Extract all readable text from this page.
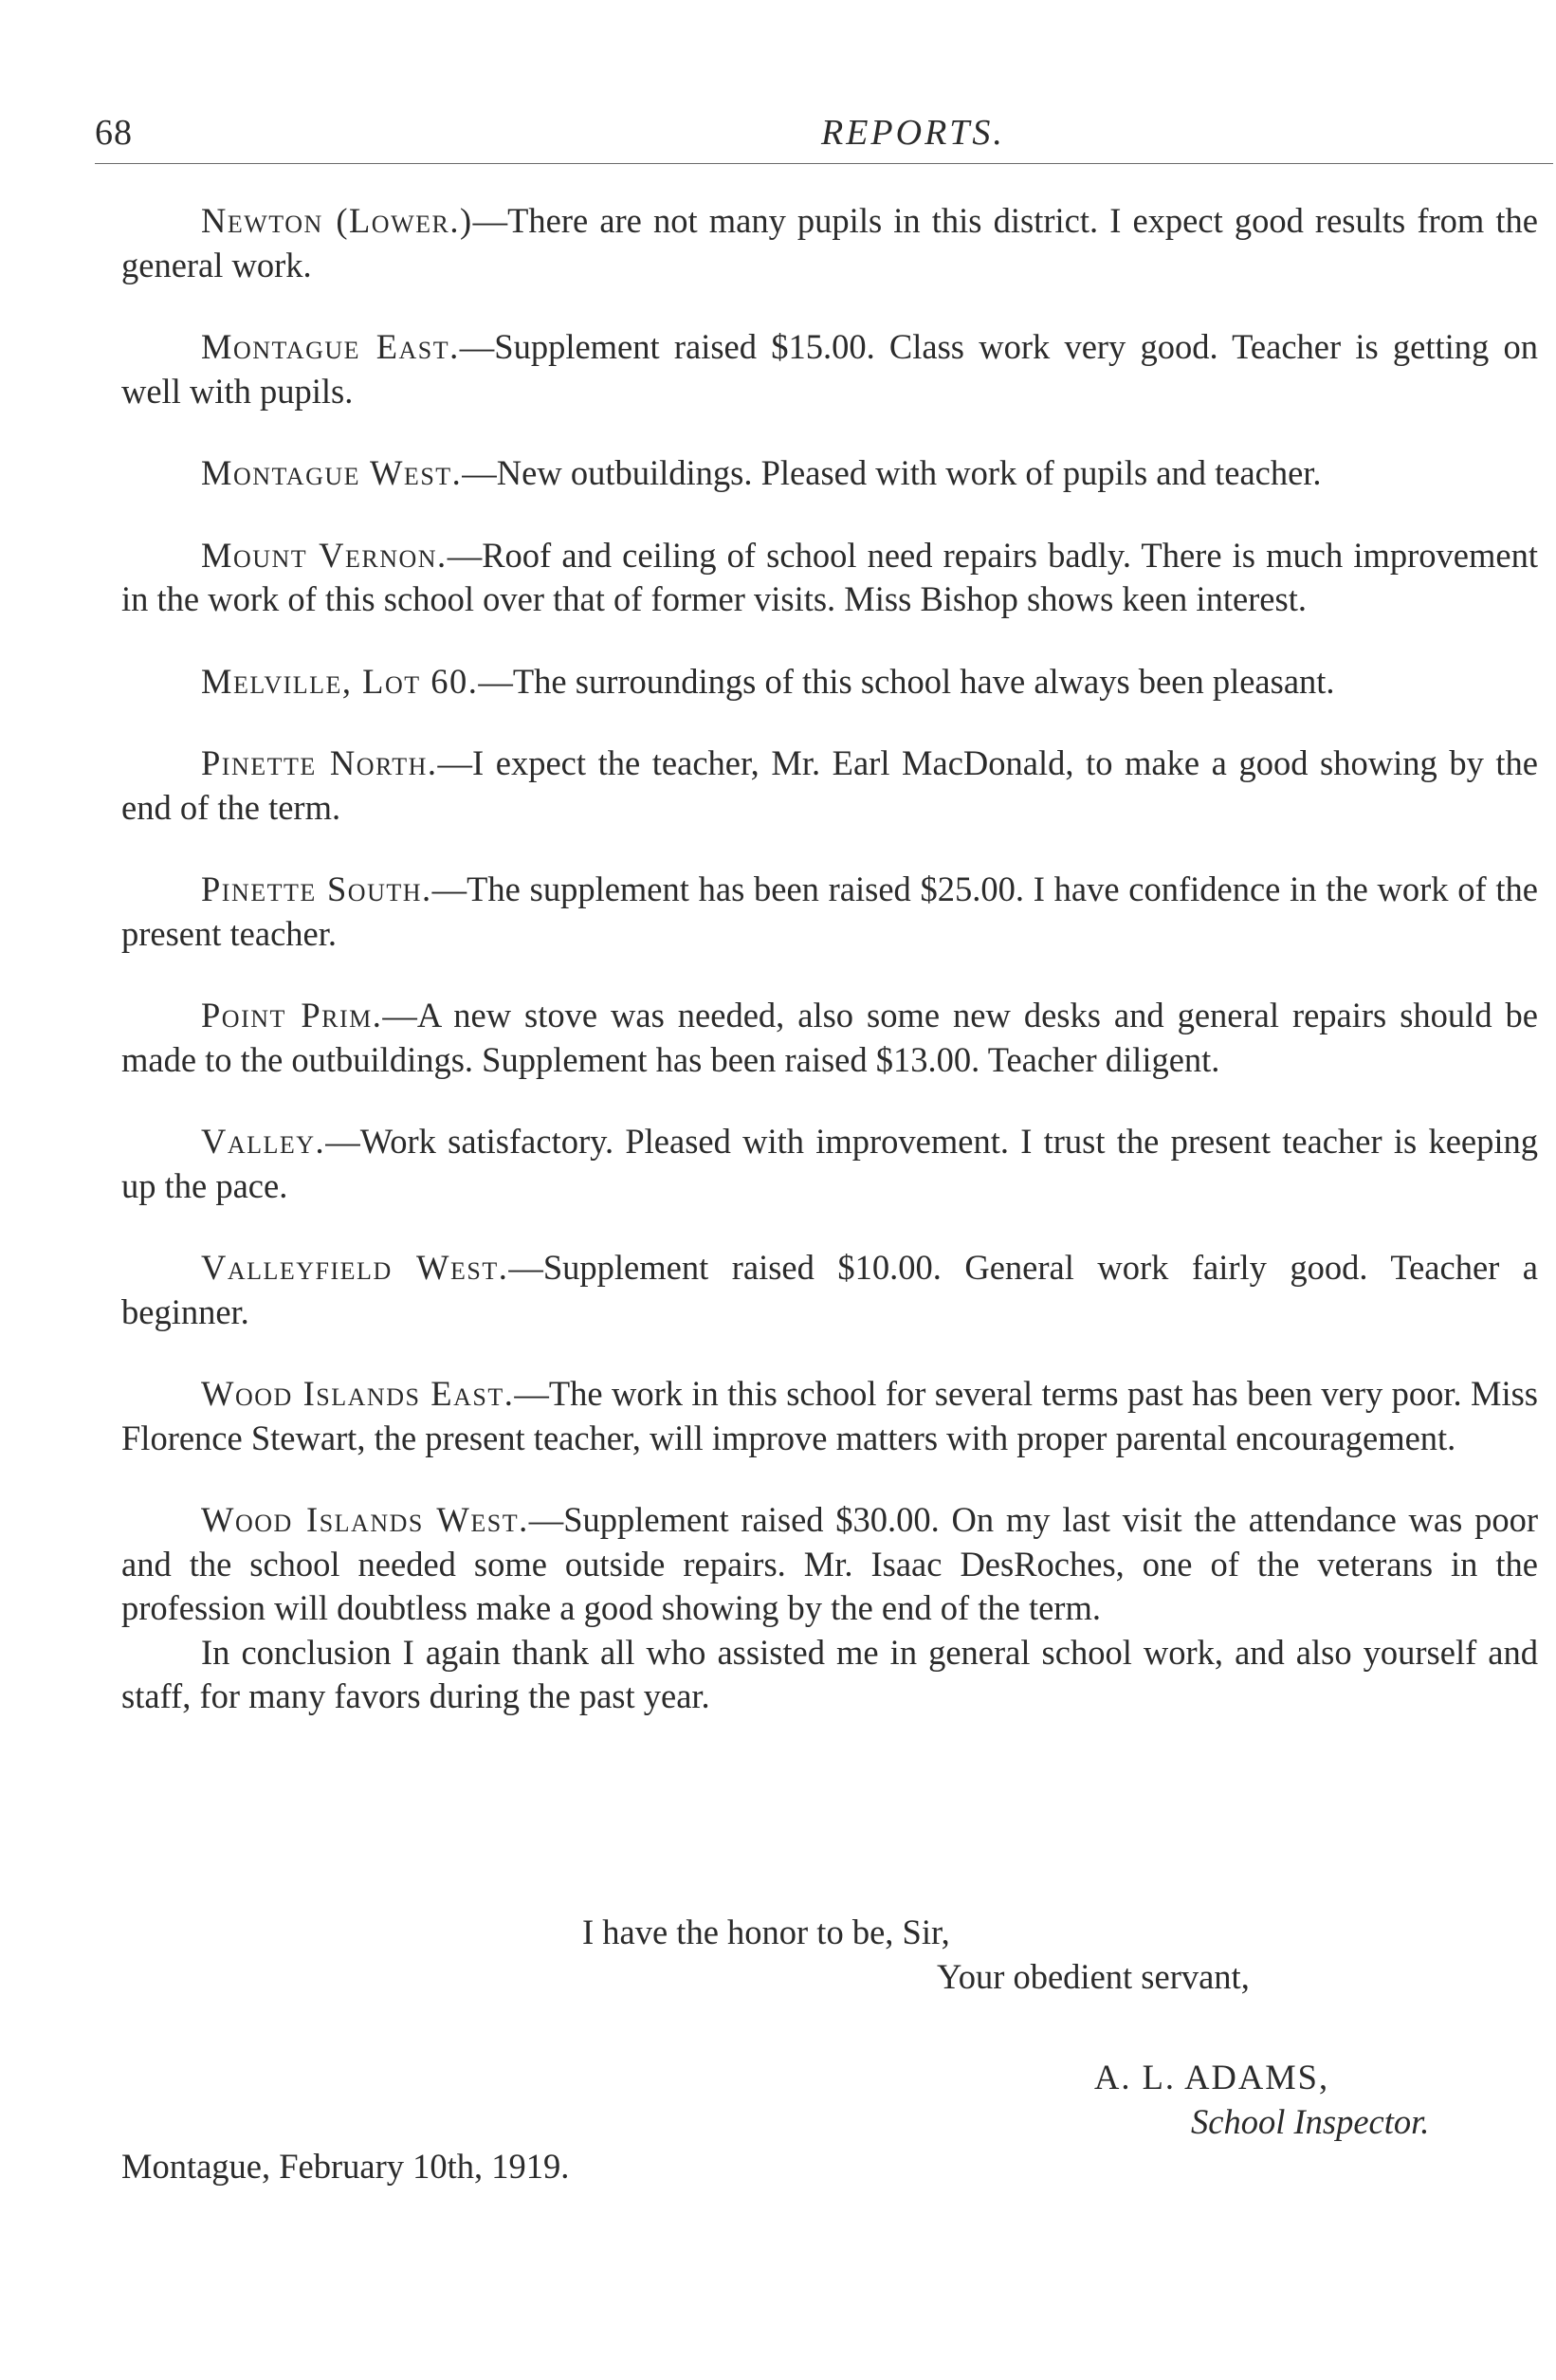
68	REPORTS.

Newton (Lower.)—There are not many pupils in this district. I expect good results from the general work.

Montague East.—Supplement raised $15.00. Class work very good. Teacher is getting on well with pupils.

Montague West.—New outbuildings. Pleased with work of pupils and teacher.

Mount Vernon.—Roof and ceiling of school need repairs badly. There is much improvement in the work of this school over that of former visits. Miss Bishop shows keen interest.

Melville, Lot 60.—The surroundings of this school have always been pleasant.

Pinette North.—I expect the teacher, Mr. Earl MacDonald, to make a good showing by the end of the term.

Pinette South.—The supplement has been raised $25.00. I have confidence in the work of the present teacher.

Point Prim.—A new stove was needed, also some new desks and general repairs should be made to the outbuildings. Supplement has been raised $13.00. Teacher diligent.

Valley.—Work satisfactory. Pleased with improvement. I trust the present teacher is keeping up the pace.

Valleyfield West.—Supplement raised $10.00. General work fairly good. Teacher a beginner.

Wood Islands East.—The work in this school for several terms past has been very poor. Miss Florence Stewart, the present teacher, will improve matters with proper parental encouragement.

Wood Islands West.—Supplement raised $30.00. On my last visit the attendance was poor and the school needed some outside repairs. Mr. Isaac DesRoches, one of the veterans in the profession will doubtless make a good showing by the end of the term.

In conclusion I again thank all who assisted me in general school work, and also yourself and staff, for many favors during the past year.

I have the honor to be, Sir,
Your obedient servant,
A. L. ADAMS,
School Inspector.
Montague, February 10th, 1919.
